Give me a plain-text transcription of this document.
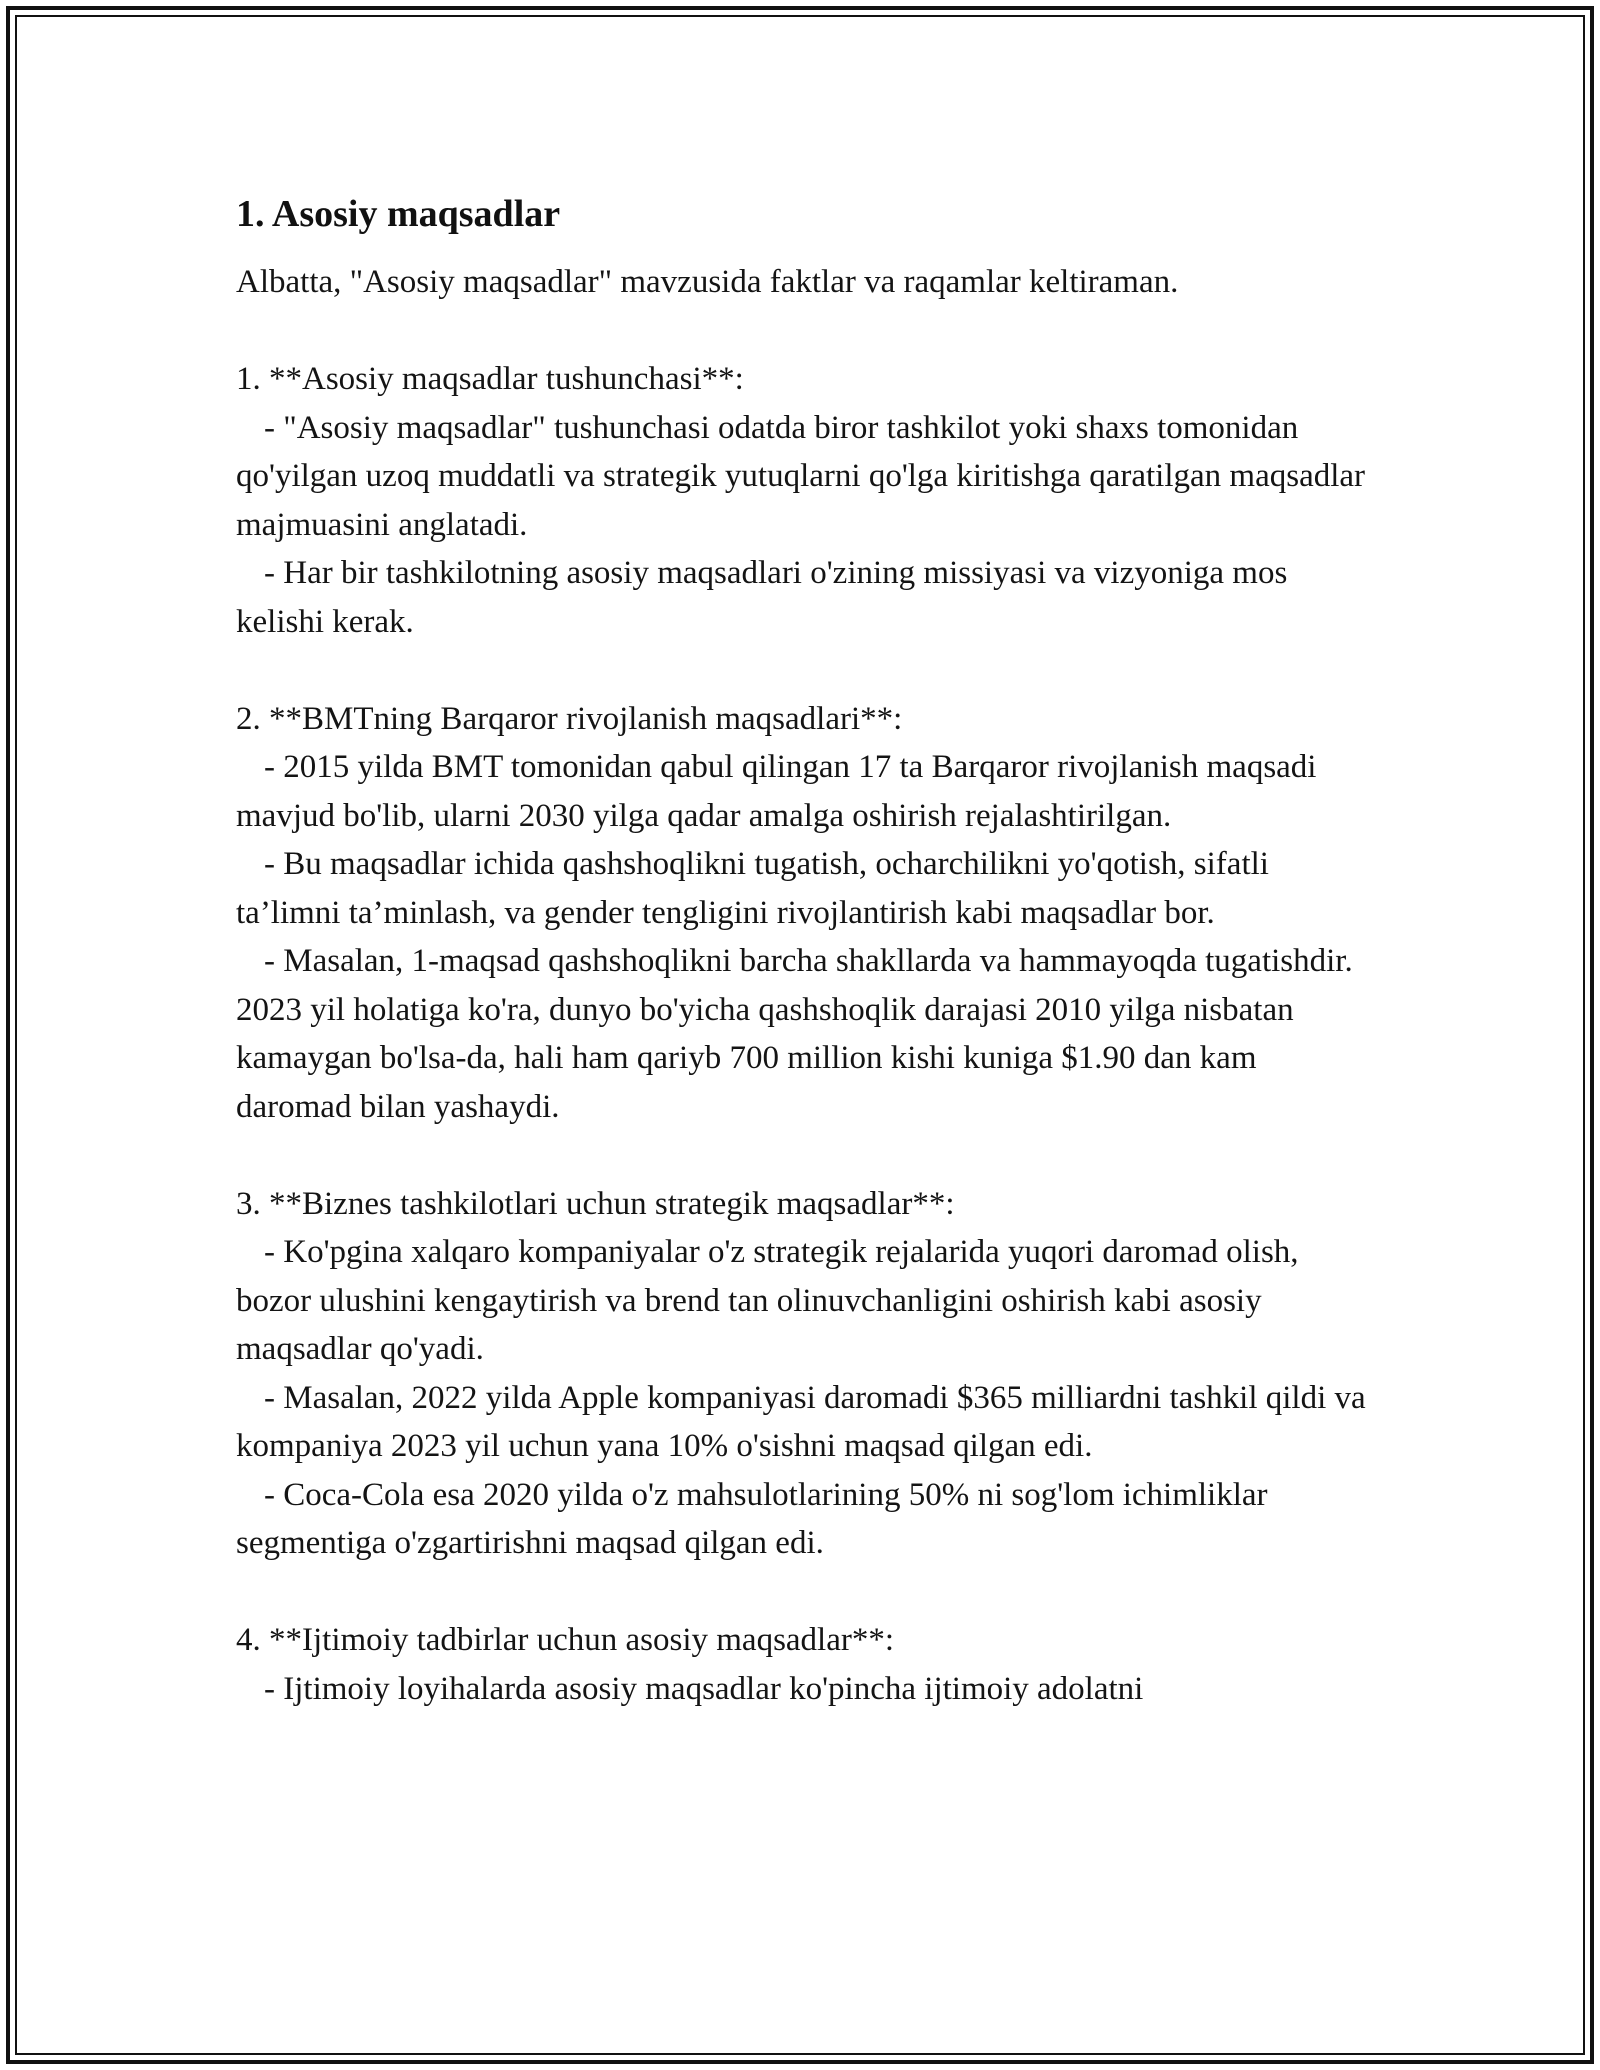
1. Asosiy maqsadlar

Albatta, "Asosiy maqsadlar" mavzusida faktlar va raqamlar keltiraman.

1. **Asosiy maqsadlar tushunchasi**:

- "Asosiy maqsadlar" tushunchasi odatda biror tashkilot yoki shaxs tomonidan qo'yilgan uzoq muddatli va strategik yutuqlarni qo'lga kiritishga qaratilgan maqsadlar majmuasini anglatadi.

- Har bir tashkilotning asosiy maqsadlari o'zining missiyasi va vizyoniga mos kelishi kerak.

2. **BMTning Barqaror rivojlanish maqsadlari**:

- 2015 yilda BMT tomonidan qabul qilingan 17 ta Barqaror rivojlanish maqsadi mavjud bo'lib, ularni 2030 yilga qadar amalga oshirish rejalashtirilgan.

- Bu maqsadlar ichida qashshoqlikni tugatish, ocharchilikni yo'qotish, sifatli ta’limni ta’minlash, va gender tengligini rivojlantirish kabi maqsadlar bor.

- Masalan, 1-maqsad qashshoqlikni barcha shakllarda va hammayoqda tugatishdir. 2023 yil holatiga ko'ra, dunyo bo'yicha qashshoqlik darajasi 2010 yilga nisbatan kamaygan bo'lsa-da, hali ham qariyb 700 million kishi kuniga $1.90 dan kam daromad bilan yashaydi.

3. **Biznes tashkilotlari uchun strategik maqsadlar**:

- Ko'pgina xalqaro kompaniyalar o'z strategik rejalarida yuqori daromad olish, bozor ulushini kengaytirish va brend tan olinuvchanligini oshirish kabi asosiy maqsadlar qo'yadi.

- Masalan, 2022 yilda Apple kompaniyasi daromadi $365 milliardni tashkil qildi va kompaniya 2023 yil uchun yana 10% o'sishni maqsad qilgan edi.

- Coca-Cola esa 2020 yilda o'z mahsulotlarining 50% ni sog'lom ichimliklar segmentiga o'zgartirishni maqsad qilgan edi.

4. **Ijtimoiy tadbirlar uchun asosiy maqsadlar**:

- Ijtimoiy loyihalarda asosiy maqsadlar ko'pincha ijtimoiy adolatni
